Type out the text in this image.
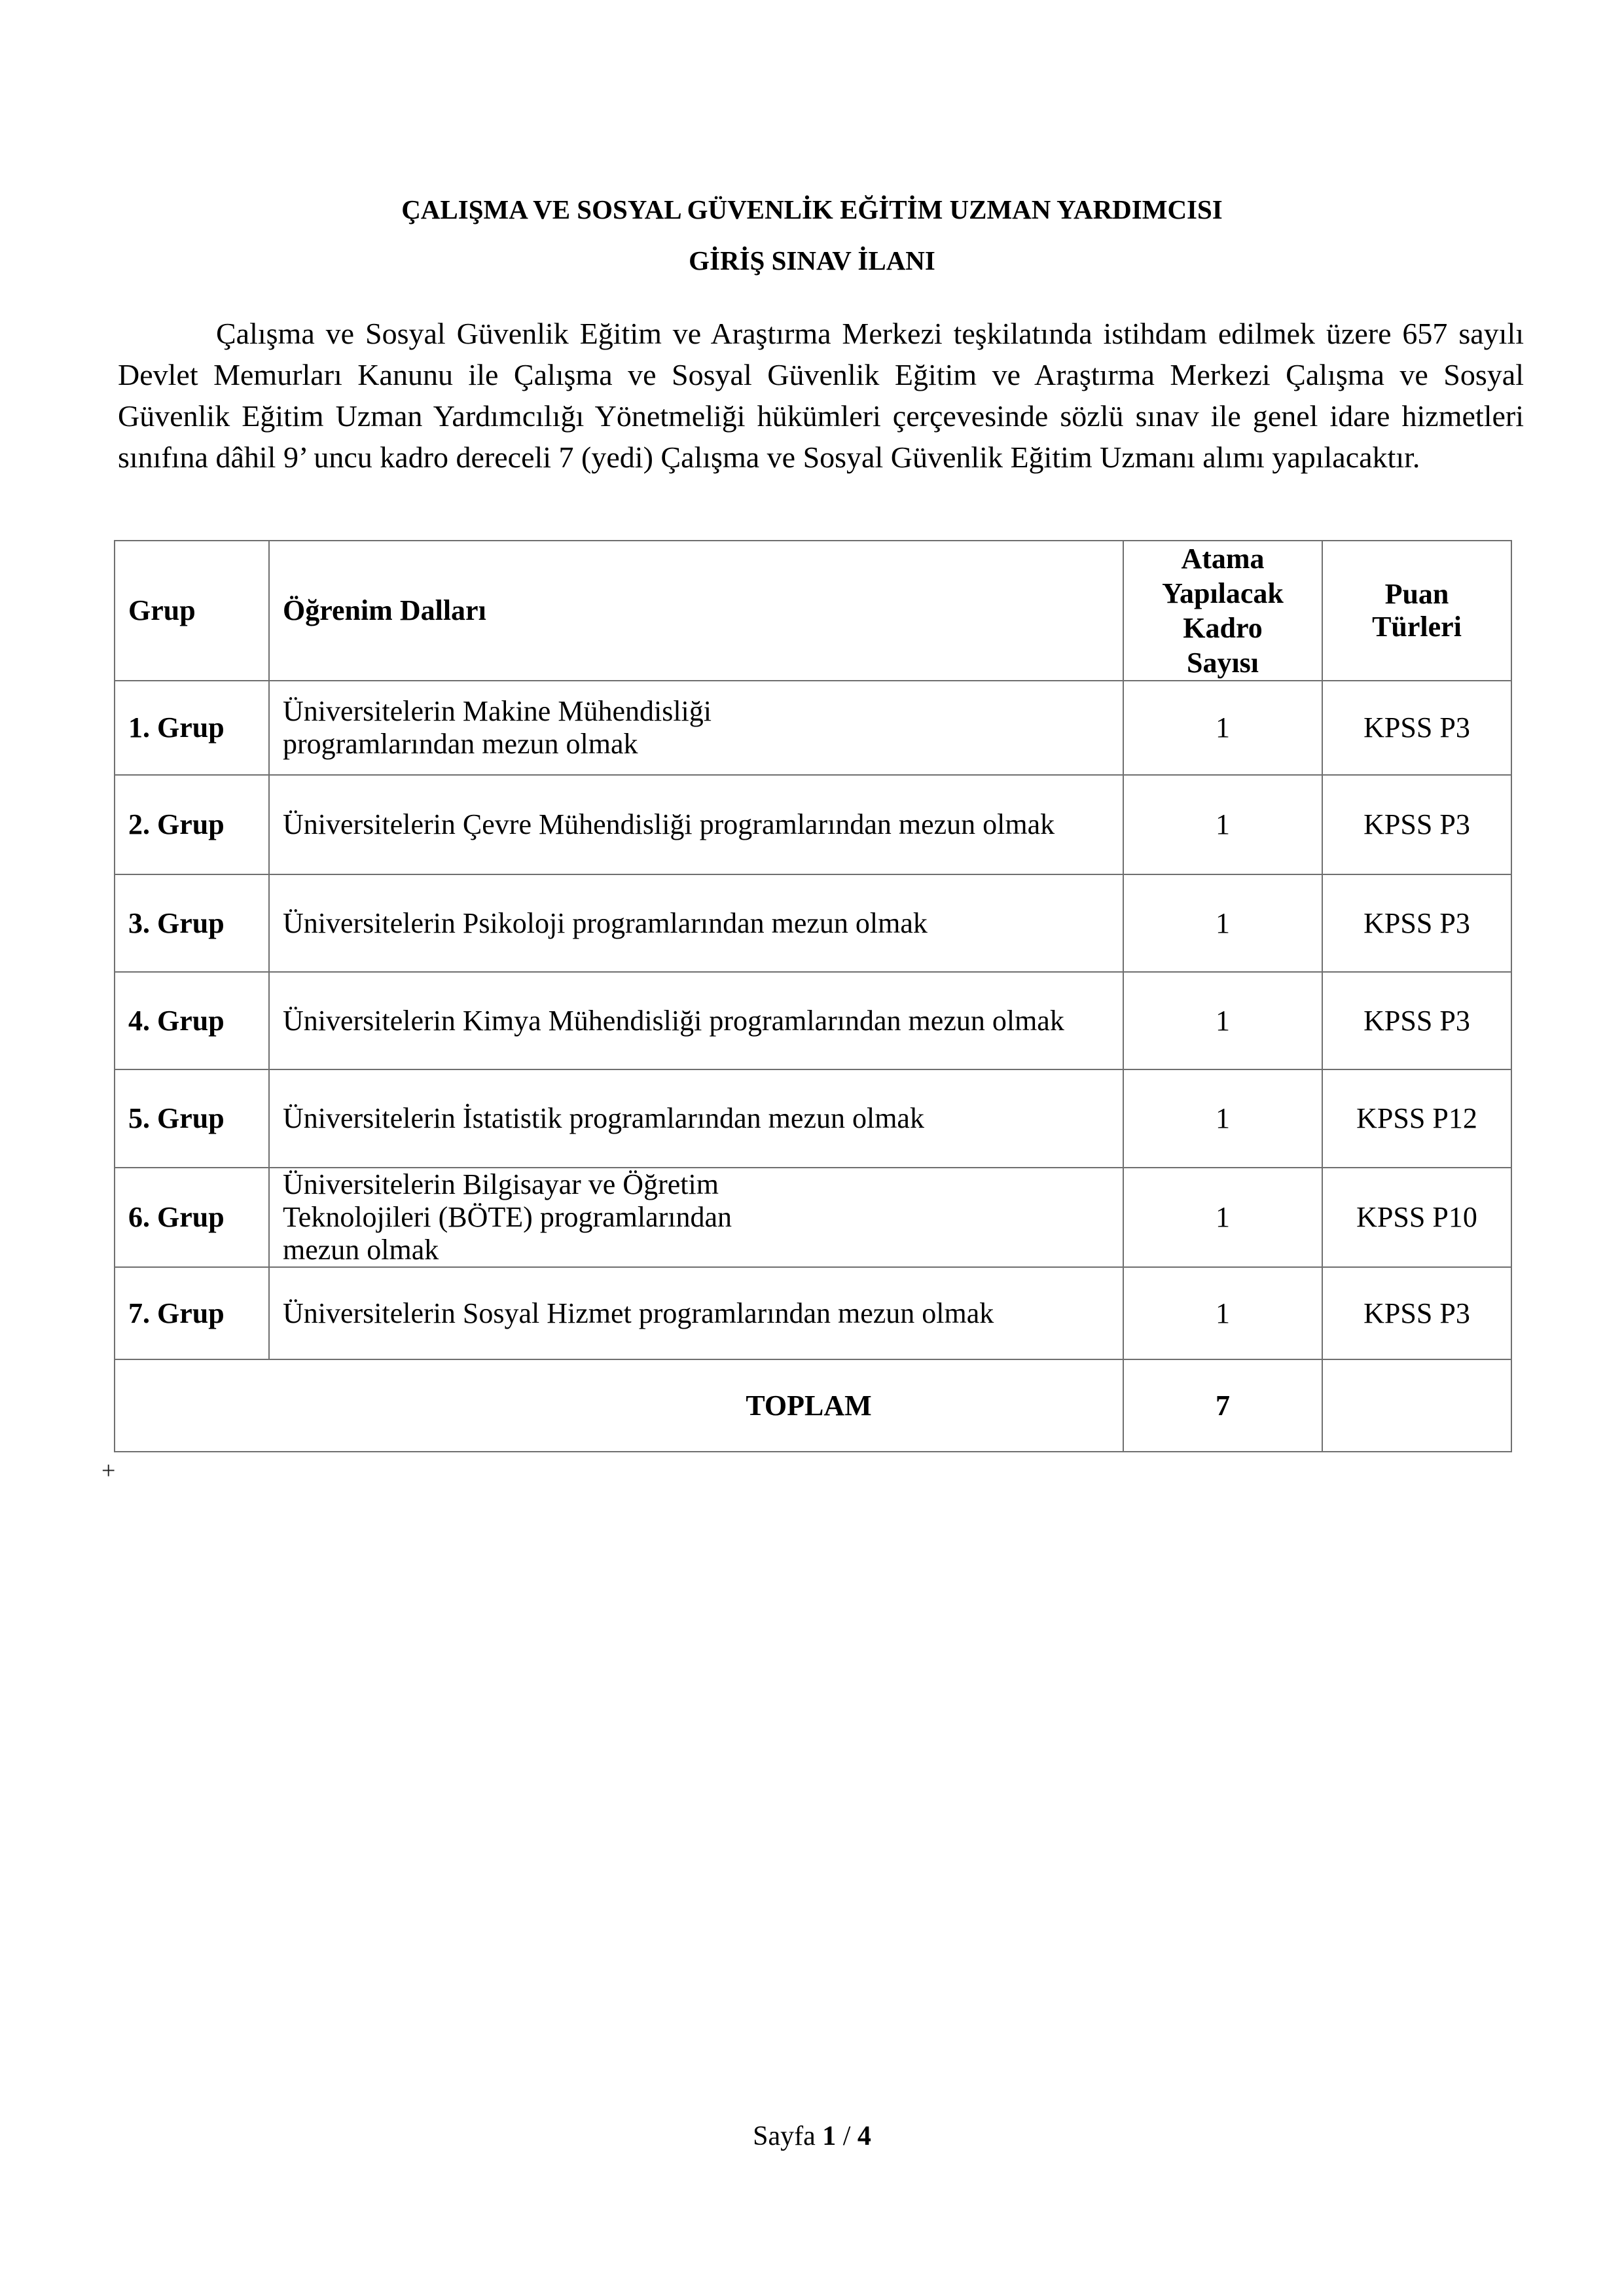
ÇALIŞMA VE SOSYAL GÜVENLİK EĞİTİM UZMAN YARDIMCISI
GİRİŞ SINAV İLANI
Çalışma ve Sosyal Güvenlik Eğitim ve Araştırma Merkezi teşkilatında istihdam edilmek üzere 657 sayılı Devlet Memurları Kanunu ile Çalışma ve Sosyal Güvenlik Eğitim ve Araştırma Merkezi Çalışma ve Sosyal Güvenlik Eğitim Uzman Yardımcılığı Yönetmeliği hükümleri çerçevesinde sözlü sınav ile genel idare hizmetleri sınıfına dâhil 9’ uncu kadro dereceli 7 (yedi) Çalışma ve Sosyal Güvenlik Eğitim Uzmanı alımı yapılacaktır.
Grup	Öğrenim Dalları	Atama
Yapılacak
Kadro
Sayısı	Puan
Türleri
1. Grup	Üniversitelerin Makine Mühendisliği programlarından mezun olmak	1	KPSS P3
2. Grup	Üniversitelerin Çevre Mühendisliği programlarından mezun olmak	1	KPSS P3
3. Grup	Üniversitelerin Psikoloji programlarından mezun olmak	1	KPSS P3
4. Grup	Üniversitelerin Kimya Mühendisliği programlarından mezun olmak	1	KPSS P3
5. Grup	Üniversitelerin İstatistik programlarından mezun olmak	1	KPSS P12
6. Grup	Üniversitelerin Bilgisayar ve Öğretim Teknolojileri (BÖTE) programlarından mezun olmak	1	KPSS P10
7. Grup	Üniversitelerin Sosyal Hizmet programlarından mezun olmak	1	KPSS P3
TOPLAM		7	
+
Sayfa 1 / 4
